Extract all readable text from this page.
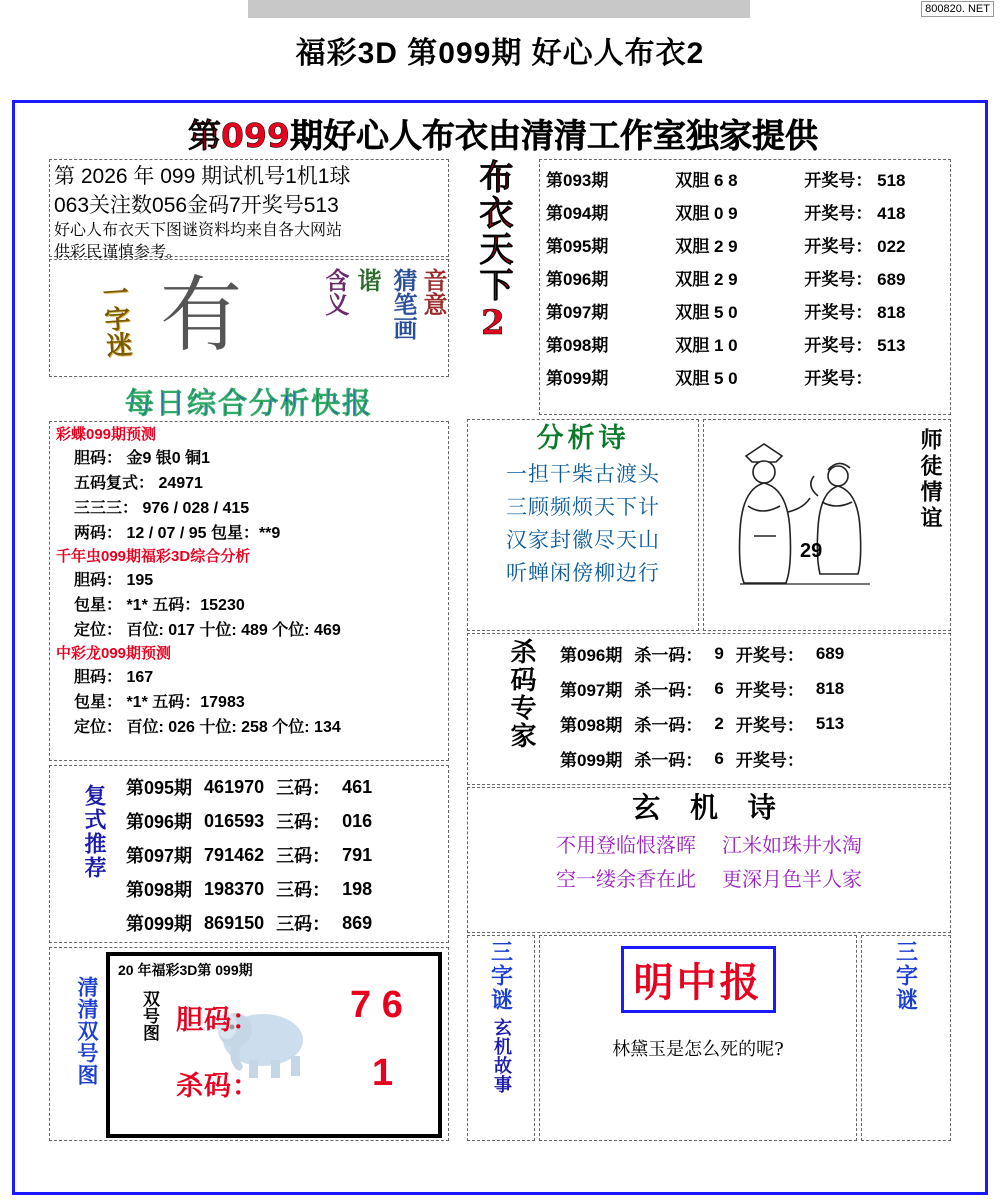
800820. NET
福彩3D 第099期 好心人布衣2
第099期好心人布衣由清清工作室独家提供
第 2026 年 099 期试机号1机1球
063关注数056金码7开奖号513
好心人布衣天下图谜资料均来自各大网站
供彩民谨慎参考。
一字迷 有	含义 谐 猜笔画 音意
每日综合分析快报
彩蝶099期预测
胆码： 金9 银0 铜1
五码复式： 24971
三三三： 976 / 028 / 415
两码： 12 / 07 / 95 包星：**9
千年虫099期福彩3D综合分析
胆码： 195
包星： *1* 五码：15230
定位： 百位: 017 十位: 489 个位: 469
中彩龙099期预测
胆码： 167
包星： *1* 五码：17983
定位： 百位: 026 十位: 258 个位: 134
复式推荐 第095期	461970	三码：	461
第096期	016593	三码：	016
第097期	791462	三码：	791
第098期	198370	三码：	198
第099期	869150	三码：	869
清清双号图
20 年福彩3D第 099期
双号图 胆码： 7 6
杀码：	1
布衣天下2 第093期	双胆 6 8	开奖号： 518
第094期	双胆 0 9	开奖号： 418
第095期	双胆 2 9	开奖号： 022
第096期	双胆 2 9	开奖号： 689
第097期	双胆 5 0	开奖号： 818
第098期	双胆 1 0	开奖号： 513
第099期	双胆 5 0	开奖号：
分析诗
一担干柴古渡头
三顾频烦天下计
汉家封徽尽天山
听蝉闲傍柳边行
29
师徒情谊
杀码专家 第096期	杀一码：	9	开奖号：	689
第097期	杀一码：	6	开奖号：	818
第098期	杀一码：	2	开奖号：	513
第099期	杀一码：	6	开奖号：	
玄 机 诗
不用登临恨落晖 江米如珠井水淘
空一缕余香在此 更深月色半人家
三字谜
玄机故事
明中报
林黛玉是怎么死的呢?
三字谜
